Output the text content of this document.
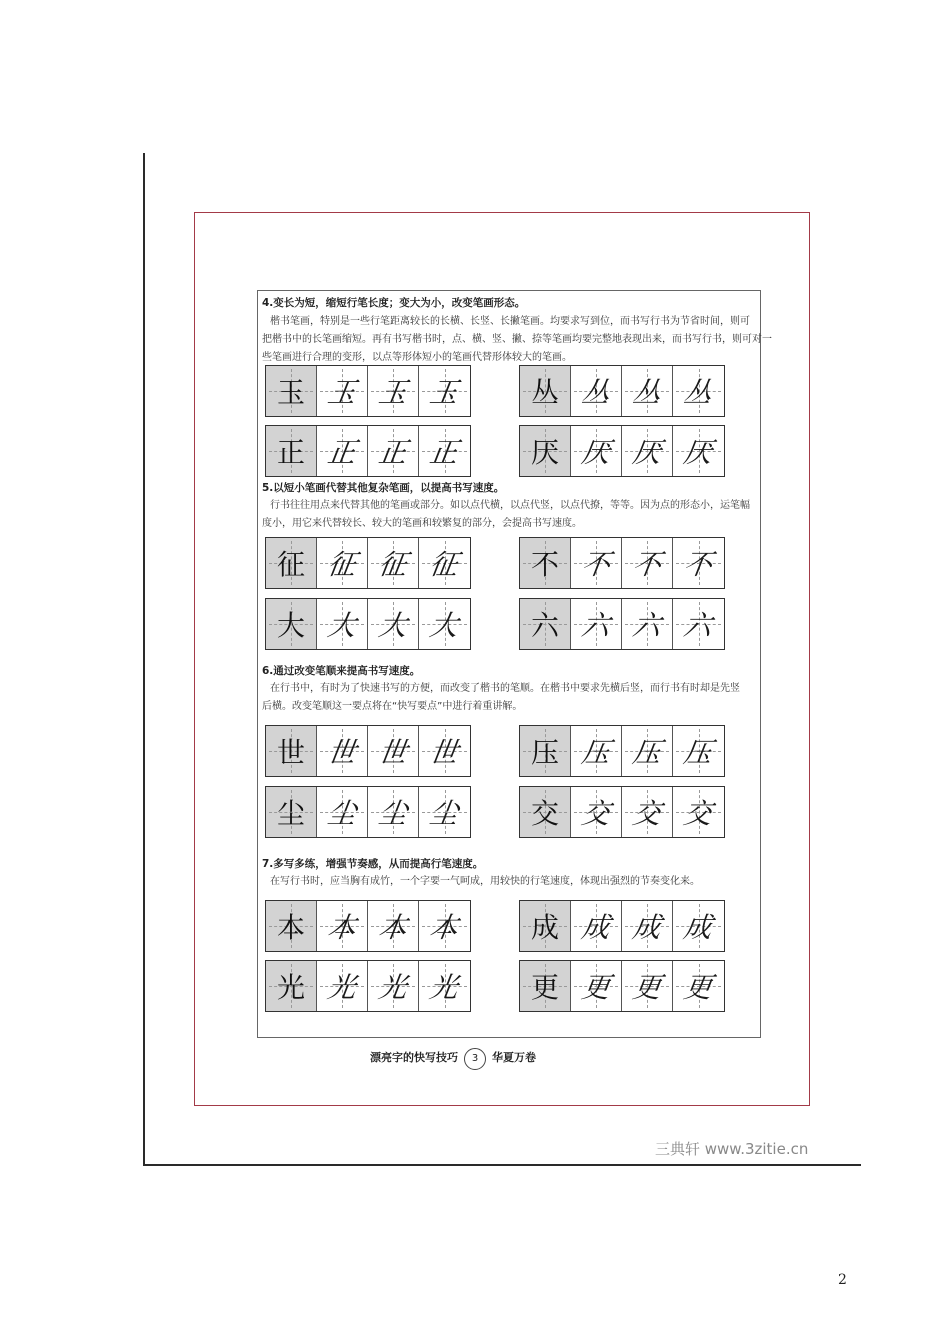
4.变长为短，缩短行笔长度；变大为小，改变笔画形态。
楷书笔画，特别是一些行笔距离较长的长横、长竖、长撇笔画。均要求写到位，而书写行书为节省时间，则可
把楷书中的长笔画缩短。再有书写楷书时，点、横、竖、撇、捺等笔画均要完整地表现出来，而书写行书，则可对一
些笔画进行合理的变形，以点等形体短小的笔画代替形体较大的笔画。
玉 玉 玉 玉	丛 丛 丛 丛
正 正 正 正	厌 厌 厌 厌
5.以短小笔画代替其他复杂笔画，以提高书写速度。
行书往往用点来代替其他的笔画或部分。如以点代横，以点代竖，以点代撩，等等。因为点的形态小，运笔幅
度小，用它来代替较长、较大的笔画和较繁复的部分，会提高书写速度。
征 征 征 征	不 不 不 不
大 大 大 大	六 六 六 六
6.通过改变笔顺来提高书写速度。
在行书中，有时为了快速书写的方便，而改变了楷书的笔顺。在楷书中要求先横后竖，而行书有时却是先竖
后横。改变笔顺这一要点将在“快写要点”中进行着重讲解。
世 世 世 世	压 压 压 压
尘 尘 尘 尘	交 交 交 交
7.多写多练，增强节奏感，从而提高行笔速度。
在写行书时，应当胸有成竹，一个字要一气呵成，用较快的行笔速度，体现出强烈的节奏变化来。
本 本 本 本	成 成 成 成
光 光 光 光	更 更 更 更
漂亮字的快写技巧 3 华夏万卷
三典轩 www.3zitie.cn
2
